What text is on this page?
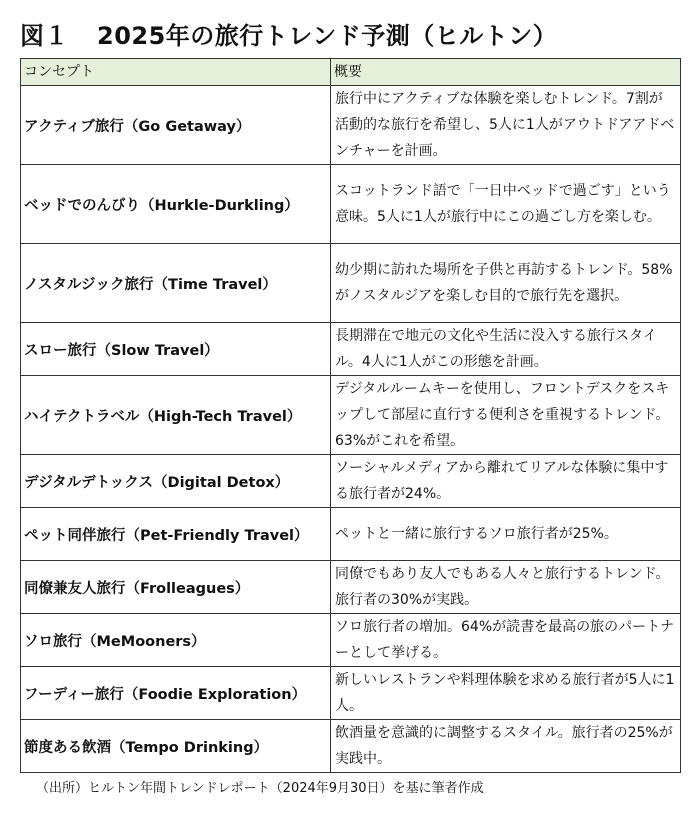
図１ 2025年の旅行トレンド予測（ヒルトン）
コンセプト	概要
アクティブ旅行（Go Getaway）	旅行中にアクティブな体験を楽しむトレンド。7割が活動的な旅行を希望し、5人に1人がアウトドアアドベンチャーを計画。
ベッドでのんびり（Hurkle-Durkling）	スコットランド語で「一日中ベッドで過ごす」という意味。5人に1人が旅行中にこの過ごし方を楽しむ。
ノスタルジック旅行（Time Travel）	幼少期に訪れた場所を子供と再訪するトレンド。58%がノスタルジアを楽しむ目的で旅行先を選択。
スロー旅行（Slow Travel）	長期滞在で地元の文化や生活に没入する旅行スタイル。4人に1人がこの形態を計画。
ハイテクトラベル（High-Tech Travel）	デジタルルームキーを使用し、フロントデスクをスキップして部屋に直行する便利さを重視するトレンド。63%がこれを希望。
デジタルデトックス（Digital Detox）	ソーシャルメディアから離れてリアルな体験に集中する旅行者が24%。
ペット同伴旅行（Pet-Friendly Travel）	ペットと一緒に旅行するソロ旅行者が25%。
同僚兼友人旅行（Frolleagues）	同僚でもあり友人でもある人々と旅行するトレンド。旅行者の30%が実践。
ソロ旅行（MeMooners）	ソロ旅行者の増加。64%が読書を最高の旅のパートナーとして挙げる。
フーディー旅行（Foodie Exploration）	新しいレストランや料理体験を求める旅行者が5人に1人。
節度ある飲酒（Tempo Drinking）	飲酒量を意識的に調整するスタイル。旅行者の25%が実践中。
（出所）ヒルトン年間トレンドレポート（2024年9月30日）を基に筆者作成
